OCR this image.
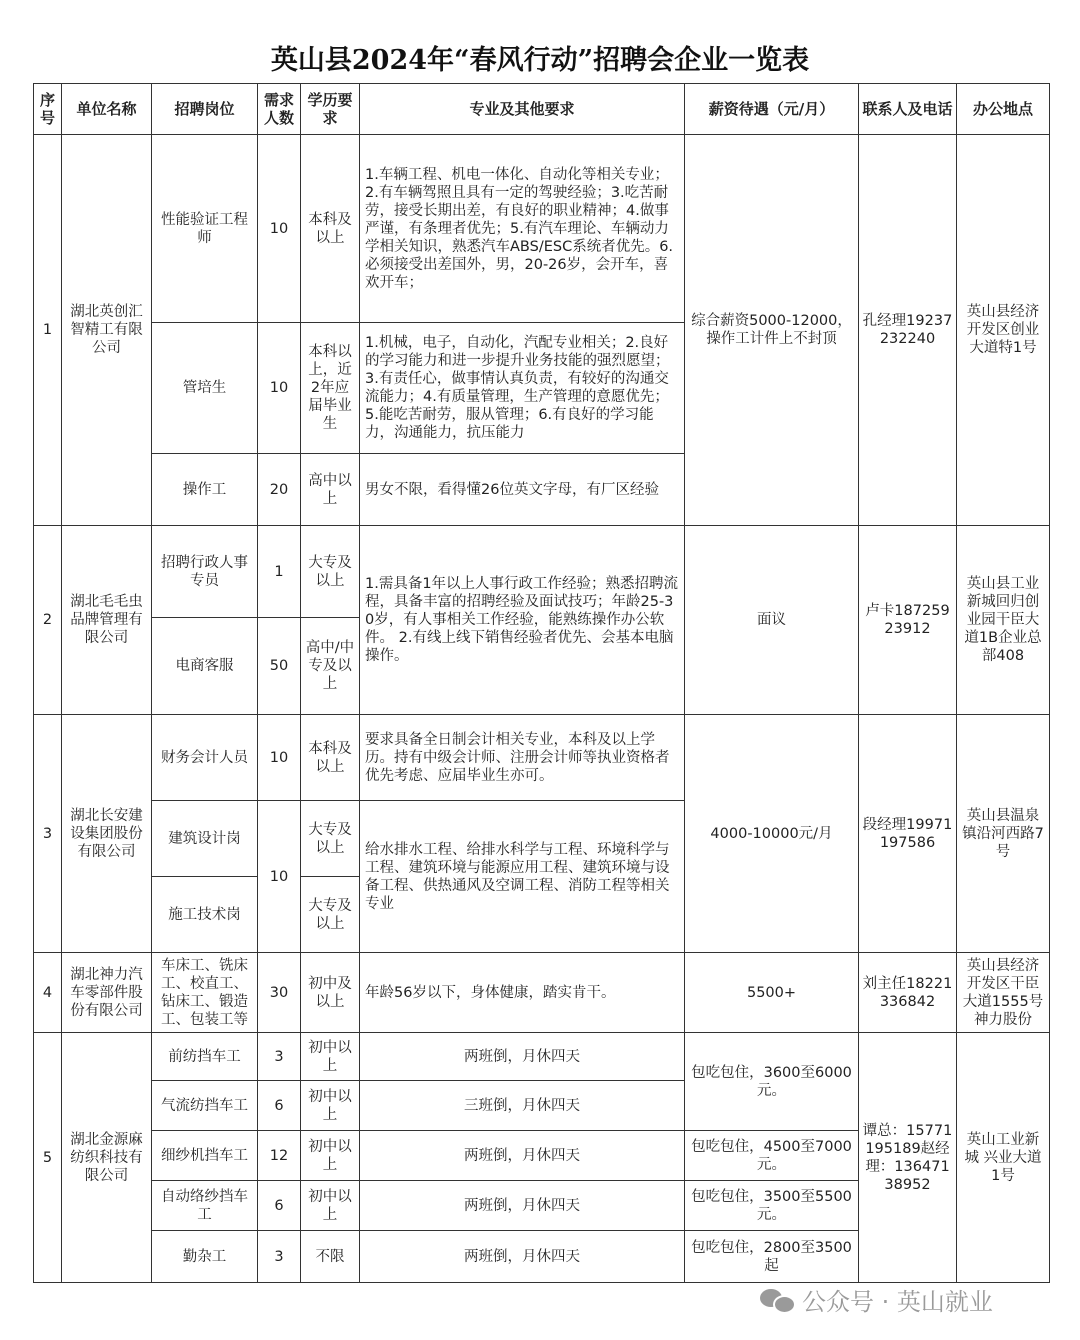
英山县2024年“春风行动”招聘会企业一览表
序号	单位名称	招聘岗位	需求人数	学历要求	专业及其他要求	薪资待遇（元/月）	联系人及电话	办公地点
1	湖北英创汇智精工有限公司	性能验证工程师	10	本科及以上	1.车辆工程、机电一体化、自动化等相关专业；2.有车辆驾照且具有一定的驾驶经验；3.吃苦耐劳，接受长期出差，有良好的职业精神；4.做事严谨，有条理者优先；5.有汽车理论、车辆动力学相关知识，熟悉汽车ABS/ESC系统者优先。6.必须接受出差国外，男，20-26岁，会开车，喜欢开车；	综合薪资5000-12000，操作工计件上不封顶	孔经理19237232240	英山县经济开发区创业大道特1号
		管培生	10	本科以上，近2年应届毕业生	1.机械，电子，自动化，汽配专业相关；2.良好的学习能力和进一步提升业务技能的强烈愿望；3.有责任心，做事情认真负责，有较好的沟通交流能力；4.有质量管理，生产管理的意愿优先；5.能吃苦耐劳，服从管理；6.有良好的学习能力，沟通能力，抗压能力			
		操作工	20	高中以上	男女不限，看得懂26位英文字母，有厂区经验			
2	湖北毛毛虫品牌管理有限公司	招聘行政人事专员	1	大专及以上	1.需具备1年以上人事行政工作经验；熟悉招聘流程，具备丰富的招聘经验及面试技巧；年龄25-30岁，有人事相关工作经验，能熟练操作办公软件。 2.有线上线下销售经验者优先、会基本电脑操作。	面议	卢卡18725923912	英山县工业新城回归创业园干臣大道1B企业总部408
		电商客服	50	高中/中专及以上				
3	湖北长安建设集团股份有限公司	财务会计人员	10	本科及以上	要求具备全日制会计相关专业，本科及以上学历。持有中级会计师、注册会计师等执业资格者优先考虑、应届毕业生亦可。	4000-10000元/月	段经理19971197586	英山县温泉镇沿河西路7号
		建筑设计岗	10	大专及以上	给水排水工程、给排水科学与工程、环境科学与工程、建筑环境与能源应用工程、建筑环境与设备工程、供热通风及空调工程、消防工程等相关专业			
		施工技术岗		大专及以上				
4	湖北神力汽车零部件股份有限公司	车床工、铣床工、校直工、钻床工、锻造工、包装工等	30	初中及以上	年龄56岁以下，身体健康，踏实肯干。	5500+	刘主任18221336842	英山县经济开发区干臣大道1555号神力股份
5	湖北金源麻纺织科技有限公司	前纺挡车工	3	初中以上	两班倒，月休四天	包吃包住，3600至6000元。	谭总：15771195189赵经理：13647138952	英山工业新城 兴业大道1号
		气流纺挡车工	6	初中以上	三班倒，月休四天			
		细纱机挡车工	12	初中以上	两班倒，月休四天	包吃包住，4500至7000元。		
		自动络纱挡车工	6	初中以上	两班倒，月休四天	包吃包住，3500至5500元。		
		勤杂工	3	不限	两班倒，月休四天	包吃包住，2800至3500起		
公众号 · 英山就业
